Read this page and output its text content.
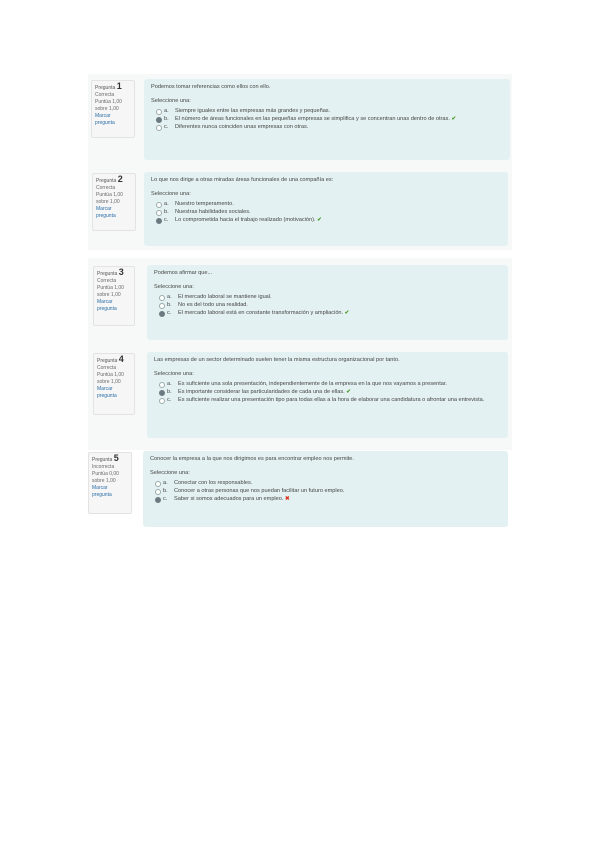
Pregunta 1
Correcta
Puntúa 1,00 sobre 1,00
Marcar pregunta
Podemos tomar referencias como ellos con ello.
Seleccione una:
a. Siempre iguales entre las empresas más grandes y pequeñas.
b. El número de áreas funcionales en las pequeñas empresas se simplifica y se concentran unas dentro de otras. ✔
c. Diferentes nunca coinciden unas empresas con otras.
Pregunta 2
Correcta
Puntúa 1,00 sobre 1,00
Marcar pregunta
Lo que nos dirige a otras miradas áreas funcionales de una compañía es:
Seleccione una:
a. Nuestro temperamento.
b. Nuestras habilidades sociales.
c. Lo comprometida hacia el trabajo realizado (motivación). ✔
Pregunta 3
Correcta
Puntúa 1,00 sobre 1,00
Marcar pregunta
Podemos afirmar que...
Seleccione una:
a. El mercado laboral se mantiene igual.
b. No es del todo una realidad.
c. El mercado laboral está en constante transformación y ampliación. ✔
Pregunta 4
Correcta
Puntúa 1,00 sobre 1,00
Marcar pregunta
Las empresas de un sector determinado suelen tener la misma estructura organizacional por tanto.
Seleccione una:
a. Es suficiente una sola presentación, independientemente de la empresa en la que nos vayamos a presentar.
b. Es importante considerar las particularidades de cada una de ellas. ✔
c. Es suficiente realizar una presentación tipo para todas ellas a la hora de elaborar una candidatura o afrontar una entrevista.
Pregunta 5
Incorrecta
Puntúa 0,00 sobre 1,00
Marcar pregunta
Conocer la empresa a la que nos dirigimos es para encontrar empleo nos permite.
Seleccione una:
a. Conectar con los responsables.
b. Conocer a otras personas que nos puedan facilitar un futuro empleo.
c. Saber si somos adecuados para un empleo. ✖
